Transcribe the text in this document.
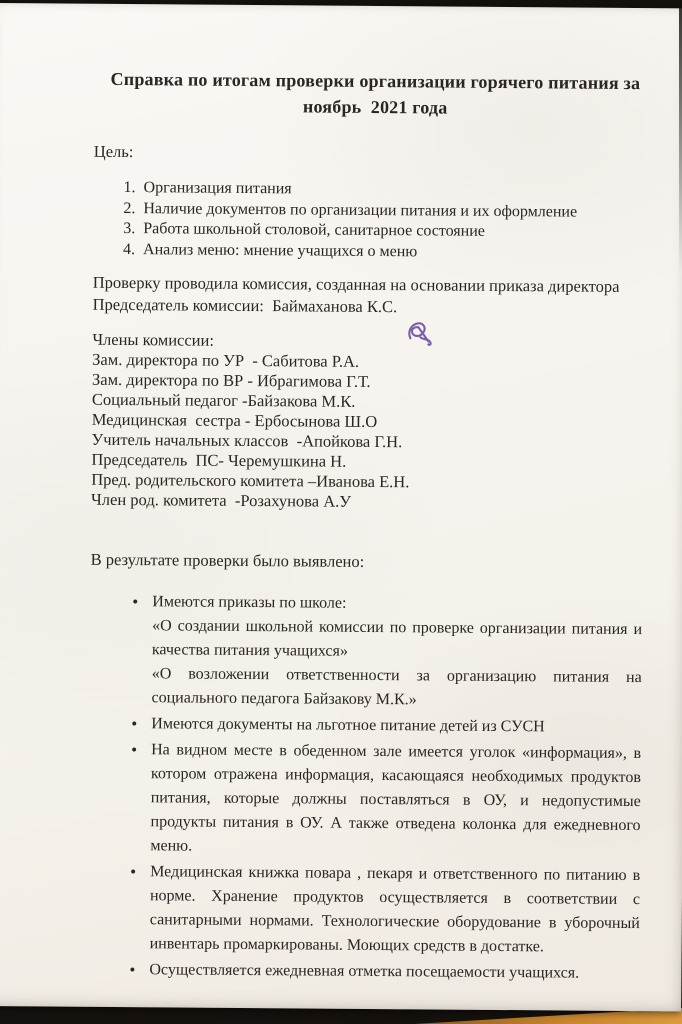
Справка по итогам проверки организации горячего питания за
ноябрь  2021 года
Цель:
Организация питания
Наличие документов по организации питания и их оформление
Работа школьной столовой, санитарное состояние
Анализ меню: мнение учащихся о меню
Проверку проводила комиссия, созданная на основании приказа директора
Председатель комиссии:  Баймаханова К.С.
Члены комиссии:
Зам. директора по УР  - Сабитова Р.А.
Зам. директора по ВР - Ибрагимова Г.Т.
Социальный педагог -Байзакова М.К.
Медицинская  сестра - Ербосынова Ш.О
Учитель начальных классов  -Апойкова Г.Н.
Председатель  ПС- Черемушкина Н.
Пред. родительского комитета –Иванова Е.Н.
Член род. комитета  -Розахунова А.У
В результате проверки было выявлено:
• Имеются приказы по школе:
«О создании школьной комиссии по проверке организации питания и качества питания учащихся»
«О возложении ответственности за организацию питания на социального педагога Байзакову М.К.»
• Имеются документы на льготное питание детей из СУСН
• На видном месте в обеденном зале имеется уголок «информация», в котором отражена информация, касающаяся необходимых продуктов питания, которые должны поставляться в ОУ, и недопустимые продукты питания в ОУ. А также отведена колонка для ежедневного меню.
• Медицинская книжка повара , пекаря и ответственного по питанию в норме. Хранение продуктов осуществляется в соответствии с санитарными нормами. Технологические оборудование в уборочный инвентарь промаркированы. Моющих средств в достатке.
• Осуществляется ежедневная отметка посещаемости учащихся.
